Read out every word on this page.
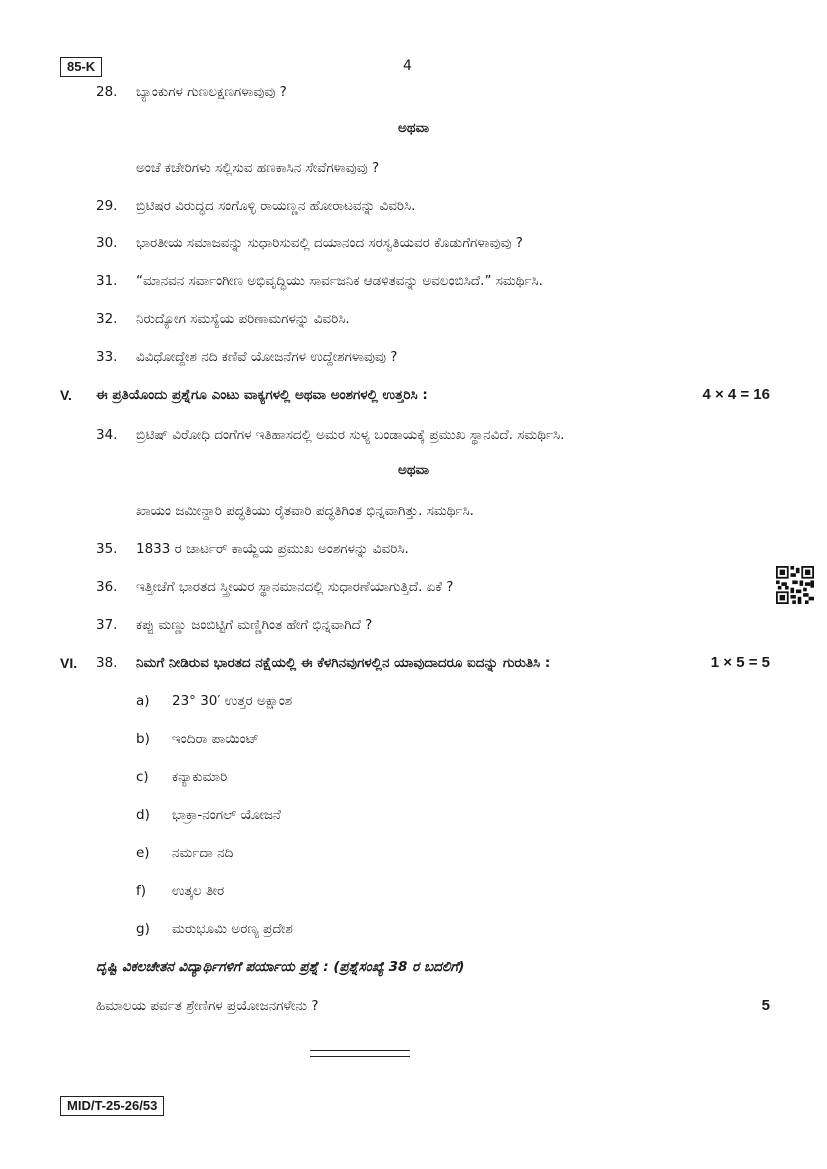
85-K	4
28. ಬ್ಯಾಂಕುಗಳ ಗುಣಲಕ್ಷಣಗಳಾವುವು ?
ಅಥವಾ
ಅಂಚೆ ಕಚೇರಿಗಳು ಸಲ್ಲಿಸುವ ಹಣಕಾಸಿನ ಸೇವೆಗಳಾವುವು ?
29. ಬ್ರಿಟಿಷರ ವಿರುದ್ಧದ ಸಂಗೊಳ್ಳಿ ರಾಯಣ್ಣನ ಹೋರಾಟವನ್ನು ವಿವರಿಸಿ.
30. ಭಾರತೀಯ ಸಮಾಜವನ್ನು ಸುಧಾರಿಸುವಲ್ಲಿ ದಯಾನಂದ ಸರಸ್ವತಿಯವರ ಕೊಡುಗೆಗಳಾವುವು ?
31. “ಮಾನವನ ಸರ್ವಾಂಗೀಣ ಅಭಿವೃದ್ಧಿಯು ಸಾರ್ವಜನಿಕ ಆಡಳಿತವನ್ನು ಅವಲಂಬಿಸಿದೆ.” ಸಮರ್ಥಿಸಿ.
32. ನಿರುದ್ಯೋಗ ಸಮಸ್ಯೆಯ ಪರಿಣಾಮಗಳನ್ನು ವಿವರಿಸಿ.
33. ವಿವಿಧೋದ್ದೇಶ ನದಿ ಕಣಿವೆ ಯೋಜನೆಗಳ ಉದ್ದೇಶಗಳಾವುವು ?
V. ಈ ಪ್ರತಿಯೊಂದು ಪ್ರಶ್ನೆಗೂ ಎಂಟು ವಾಕ್ಯಗಳಲ್ಲಿ ಅಥವಾ ಅಂಶಗಳಲ್ಲಿ ಉತ್ತರಿಸಿ :	4 × 4 = 16
34. ಬ್ರಿಟಿಷ್ ವಿರೋಧಿ ದಂಗೆಗಳ ಇತಿಹಾಸದಲ್ಲಿ ಅಮರ ಸುಳ್ಯ ಬಂಡಾಯಕ್ಕೆ ಪ್ರಮುಖ ಸ್ಥಾನವಿದೆ. ಸಮರ್ಥಿಸಿ.
ಅಥವಾ
ಖಾಯಂ ಜಮೀನ್ದಾರಿ ಪದ್ಧತಿಯು ರೈತವಾರಿ ಪದ್ಧತಿಗಿಂತ ಭಿನ್ನವಾಗಿತ್ತು. ಸಮರ್ಥಿಸಿ.
35. 1833 ರ ಚಾರ್ಟರ್ ಕಾಯ್ದೆಯ ಪ್ರಮುಖ ಅಂಶಗಳನ್ನು ವಿವರಿಸಿ.
36. ಇತ್ತೀಚೆಗೆ ಭಾರತದ ಸ್ತ್ರೀಯರ ಸ್ಥಾನಮಾನದಲ್ಲಿ ಸುಧಾರಣೆಯಾಗುತ್ತಿದೆ. ಏಕೆ ?
37. ಕಪ್ಪು ಮಣ್ಣು ಜಂಬಿಟ್ಟಿಗೆ ಮಣ್ಣಿಗಿಂತ ಹೇಗೆ ಭಿನ್ನವಾಗಿದೆ ?
VI. 38. ನಿಮಗೆ ನೀಡಿರುವ ಭಾರತದ ನಕ್ಷೆಯಲ್ಲಿ ಈ ಕೆಳಗಿನವುಗಳಲ್ಲಿನ ಯಾವುದಾದರೂ ಐದನ್ನು ಗುರುತಿಸಿ :	1 × 5 = 5
a)	23° 30′ ಉತ್ತರ ಅಕ್ಷಾಂಶ
b)	ಇಂದಿರಾ ಪಾಯಿಂಟ್
c)	ಕನ್ಯಾಕುಮಾರಿ
d)	ಭಾಕ್ರಾ-ನಂಗಲ್ ಯೋಜನೆ
e)	ನರ್ಮದಾ ನದಿ
f)	ಉತ್ಕಲ ತೀರ
g)	ಮರುಭೂಮಿ ಅರಣ್ಯ ಪ್ರದೇಶ
ದೃಷ್ಟಿ ವಿಕಲಚೇತನ ವಿದ್ಯಾರ್ಥಿಗಳಿಗೆ ಪರ್ಯಾಯ ಪ್ರಶ್ನೆ : (ಪ್ರಶ್ನೆಸಂಖ್ಯೆ 38 ರ ಬದಲಿಗೆ)
ಹಿಮಾಲಯ ಪರ್ವತ ಶ್ರೇಣಿಗಳ ಪ್ರಯೋಜನಗಳೇನು ?	5
MID/T-25-26/53
